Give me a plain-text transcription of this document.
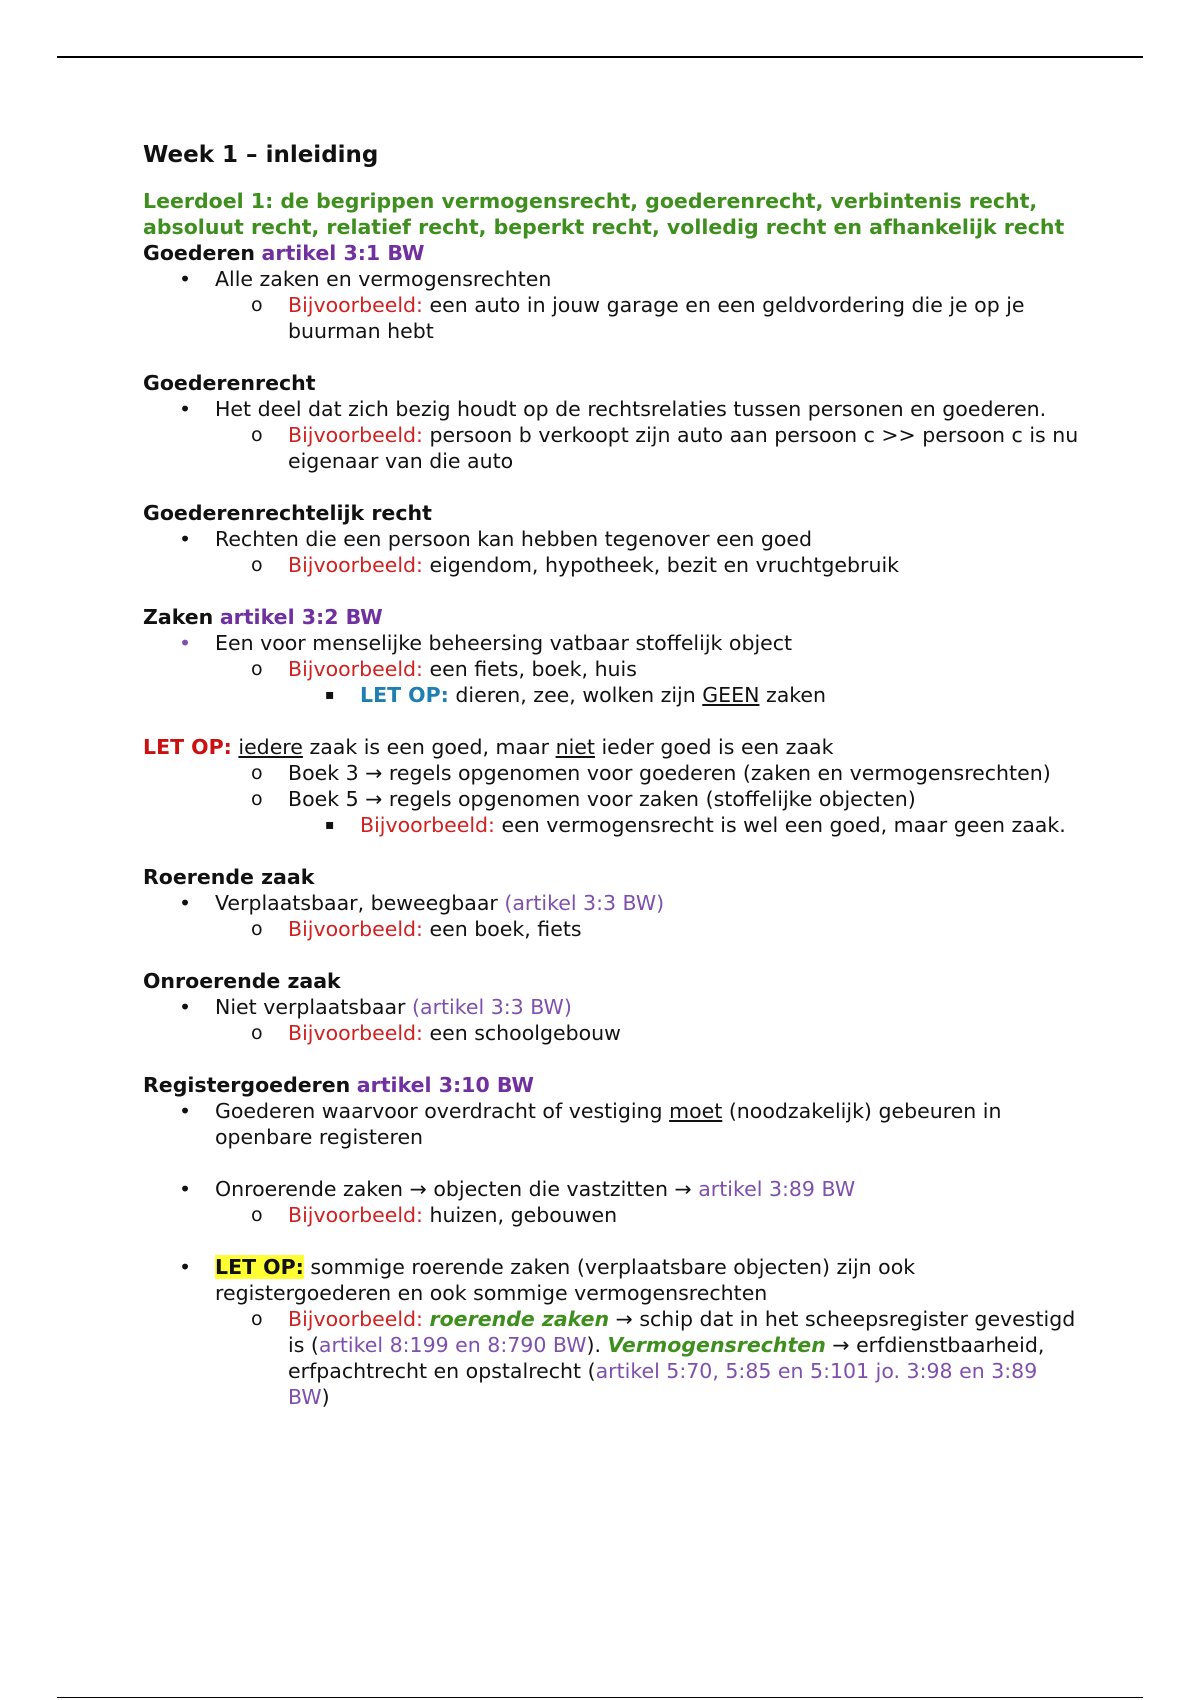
Week 1 – inleiding
Leerdoel 1: de begrippen vermogensrecht, goederenrecht, verbintenis recht, absoluut recht, relatief recht, beperkt recht, volledig recht en afhankelijk recht
Goederen artikel 3:1 BW
• Alle zaken en vermogensrechten
o Bijvoorbeeld: een auto in jouw garage en een geldvordering die je op je buurman hebt
Goederenrecht
• Het deel dat zich bezig houdt op de rechtsrelaties tussen personen en goederen.
o Bijvoorbeeld: persoon b verkoopt zijn auto aan persoon c >> persoon c is nu eigenaar van die auto
Goederenrechtelijk recht
• Rechten die een persoon kan hebben tegenover een goed
o Bijvoorbeeld: eigendom, hypotheek, bezit en vruchtgebruik
Zaken artikel 3:2 BW
• Een voor menselijke beheersing vatbaar stoffelijk object
o Bijvoorbeeld: een fiets, boek, huis
▪ LET OP: dieren, zee, wolken zijn GEEN zaken
LET OP: iedere zaak is een goed, maar niet ieder goed is een zaak
o Boek 3 → regels opgenomen voor goederen (zaken en vermogensrechten)
o Boek 5 → regels opgenomen voor zaken (stoffelijke objecten)
▪ Bijvoorbeeld: een vermogensrecht is wel een goed, maar geen zaak.
Roerende zaak
• Verplaatsbaar, beweegbaar (artikel 3:3 BW)
o Bijvoorbeeld: een boek, fiets
Onroerende zaak
• Niet verplaatsbaar (artikel 3:3 BW)
o Bijvoorbeeld: een schoolgebouw
Registergoederen artikel 3:10 BW
• Goederen waarvoor overdracht of vestiging moet (noodzakelijk) gebeuren in openbare registeren
• Onroerende zaken → objecten die vastzitten → artikel 3:89 BW
o Bijvoorbeeld: huizen, gebouwen
• LET OP: sommige roerende zaken (verplaatsbare objecten) zijn ook registergoederen en ook sommige vermogensrechten
o Bijvoorbeeld: roerende zaken → schip dat in het scheepsregister gevestigd is (artikel 8:199 en 8:790 BW). Vermogensrechten → erfdienstbaarheid, erfpachtrecht en opstalrecht (artikel 5:70, 5:85 en 5:101 jo. 3:98 en 3:89 BW)
